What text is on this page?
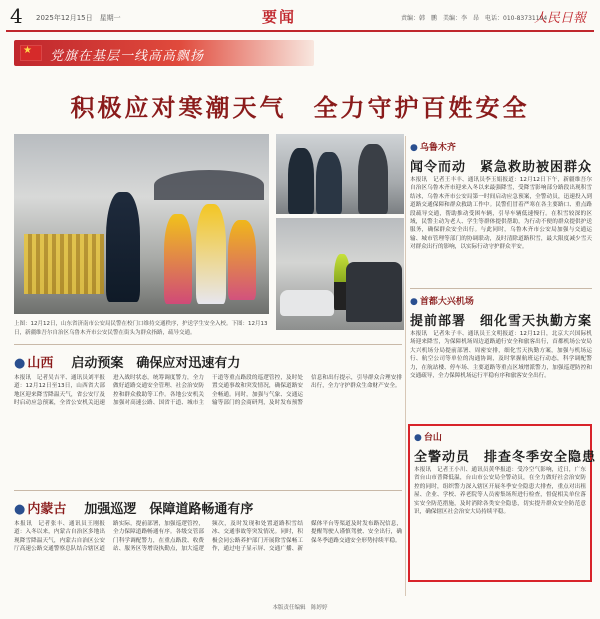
4 2025年12月15日　星期一	要闻	责编：韩　鹏　美编：李　昂　电话：010-83731194
人民日報
★
党旗在基层一线高高飘扬
积极应对寒潮天气　全力守护百姓安全
上图：12月12日，山东省济南市公安局民警在校门口维持交通秩序，护送学生安全入校。下图：12月13日，新疆维吾尔自治区乌鲁木齐市公安民警在街头为群众指路，疏导交通。
● 乌鲁木齐
闻令而动　紧急救助被困群众
本报讯　记者王丰丰、通讯员李玉娟报道：12月12日下午，新疆维吾尔自治区乌鲁木齐市迎来入冬以来最强降雪，受降雪影响部分路段出现积雪结冰，乌鲁木齐市公安局第一时间启动应急预案，全警动员，迅速投入到道路交通保障和群众救助工作中。民警们冒着严寒在各主要路口、重点路段疏导交通，帮助推动受困车辆，引导车辆低速慢行。在积雪较深的区域，民警主动为老人、学生等群体提供帮助，为行动不便的群众提供护送服务，确保群众安全出行。与此同时，乌鲁木齐市公安局加强与交通运输、城市管理等部门的协调联动，及时清除道路积雪，最大限度减少雪天对群众出行的影响，以实际行动守护群众平安。
● 首都大兴机场
提前部署　细化雪天执勤方案
本报讯　记者朱子丰、通讯员王文明报道：12月12日，北京大兴国际机场迎来降雪，为保障机场周边道路通行安全和旅客出行，首都机场公安局大兴机场分局提前部署、周密安排，细化雪天执勤方案，加强与机场运行、航空公司等单位的沟通协调，及时掌握航班运行动态，科学调配警力，在航站楼、停车场、主要道路等重点区域增派警力，加强巡逻防控和交通疏导，全力保障机场运行平稳有序和旅客安全出行。
● 台山
全警动员　排查冬季安全隐患
本报讯　记者王小川、通讯员黄华报道：受冷空气影响，近日，广东省台山市普降低温，台山市公安局全警动员，在全力做好社会治安防控的同时，组织警力深入辖区开展冬季安全隐患大排查，重点对出租屋、企业、学校、养老院等人员密集场所进行检查，督促相关单位落实安全防范措施，及时消除各类安全隐患，切实提升群众安全防范意识，确保辖区社会治安大局持续平稳。
● 山西 启动预案　确保应对迅速有力
本报讯　记者吴吉平、通讯员刘平报道：12月12日至13日，山西省大部地区迎来降雪降温天气，省公安厅及时启动应急预案，全省公安机关迅速进入战时状态，统筹调度警力，全力做好道路交通安全管理、社会治安防控和群众救助等工作。各地公安机关加强对高速公路、国省干道、城市主干道等重点路段的巡逻管控，及时处置交通事故和突发情况，确保道路安全畅通。同时，加强与气象、交通运输等部门的会商研判，及时发布预警信息和出行提示，引导群众合理安排出行，全力守护群众生命财产安全。
● 内蒙古 加强巡逻　保障道路畅通有序
本报讯　记者张丰、通讯员王刚报道：入冬以来，内蒙古自治区多地出现降雪降温天气，内蒙古自治区公安厅高速公路交通警察总队结合辖区道路实际，提前部署，加强巡逻管控，全力保障道路畅通有序。各级交管部门科学调配警力，在重点路段、收费站、服务区等增设执勤点，加大巡逻频次，及时发现和处置道路积雪结冰、交通事故等突发情况。同时，积极会同公路养护部门开展除雪保畅工作，通过电子显示屏、交通广播、新媒体平台等渠道及时发布路况信息，提醒驾驶人谨慎驾驶、安全出行，确保冬季道路交通安全形势持续平稳。
本版责任编辑　陈婷婷
